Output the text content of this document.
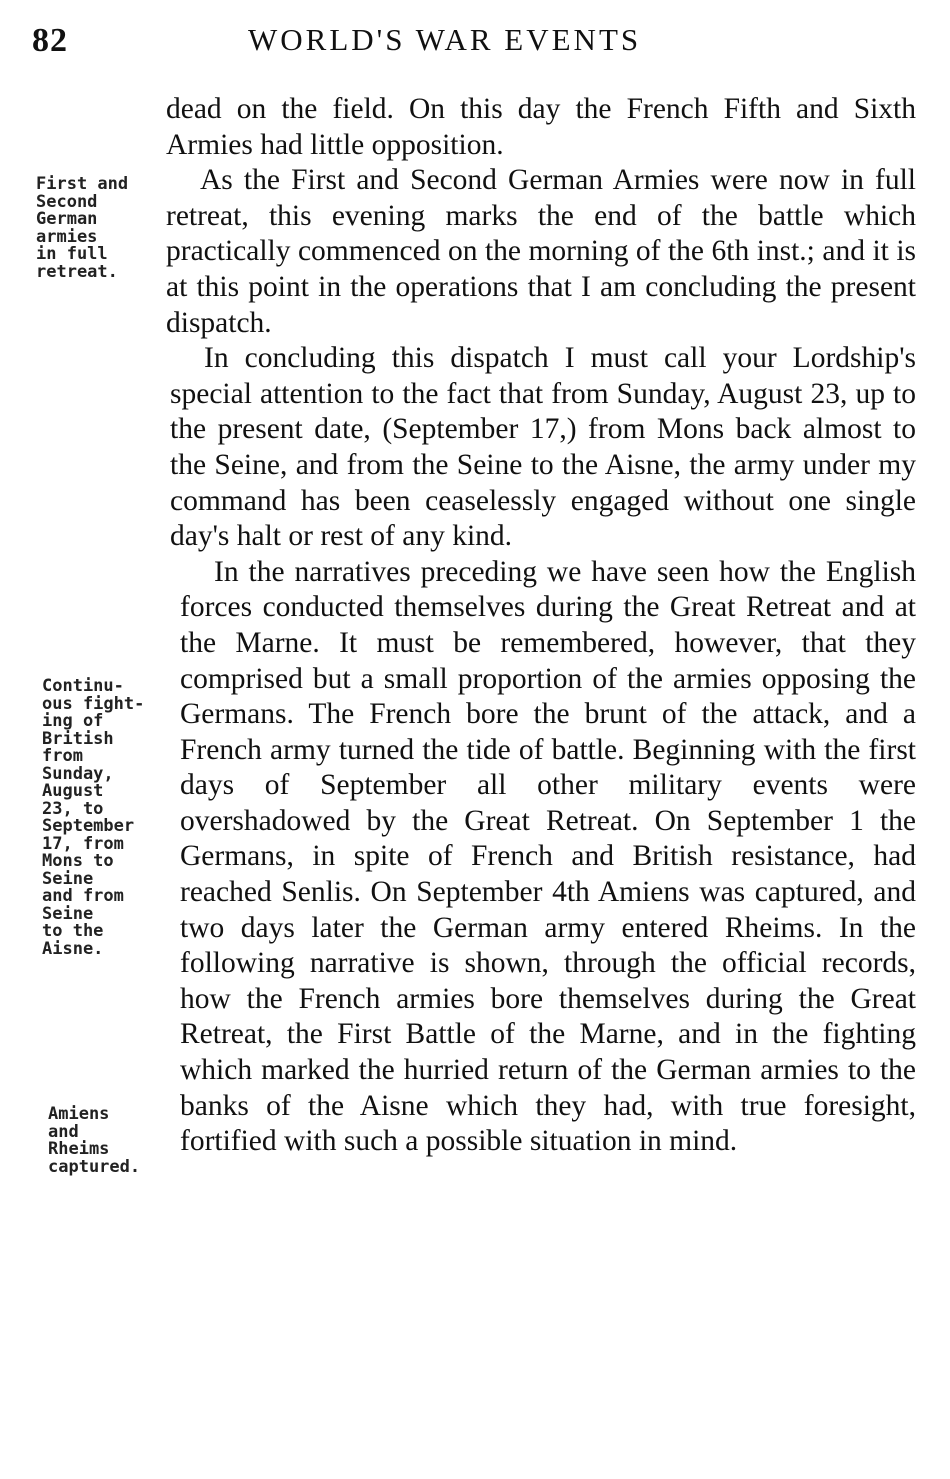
82	WORLD'S WAR EVENTS
First and
Second
German
armies
in full
retreat.
Continu-
ous fight-
ing of
British
from
Sunday,
August
23, to
September
17, from
Mons to
Seine
and from
Seine
to the
Aisne.
Amiens
and
Rheims
captured.

dead on the field. On this day the French Fifth and Sixth Armies had little opposition.

As the First and Second German Armies were now in full retreat, this evening marks the end of the battle which practically commenced on the morning of the 6th inst.; and it is at this point in the operations that I am concluding the present dispatch.

In concluding this dispatch I must call your Lordship's special attention to the fact that from Sunday, August 23, up to the present date, (September 17,) from Mons back almost to the Seine, and from the Seine to the Aisne, the army under my command has been ceaselessly engaged without one single day's halt or rest of any kind.

In the narratives preceding we have seen how the English forces conducted themselves during the Great Retreat and at the Marne. It must be remembered, however, that they comprised but a small proportion of the armies opposing the Germans. The French bore the brunt of the attack, and a French army turned the tide of battle. Beginning with the first days of September all other military events were overshadowed by the Great Retreat. On September 1 the Germans, in spite of French and British resistance, had reached Senlis. On September 4th Amiens was captured, and two days later the German army entered Rheims. In the following narrative is shown, through the official records, how the French armies bore themselves during the Great Retreat, the First Battle of the Marne, and in the fighting which marked the hurried return of the German armies to the banks of the Aisne which they had, with true foresight, fortified with such a possible situation in mind.
